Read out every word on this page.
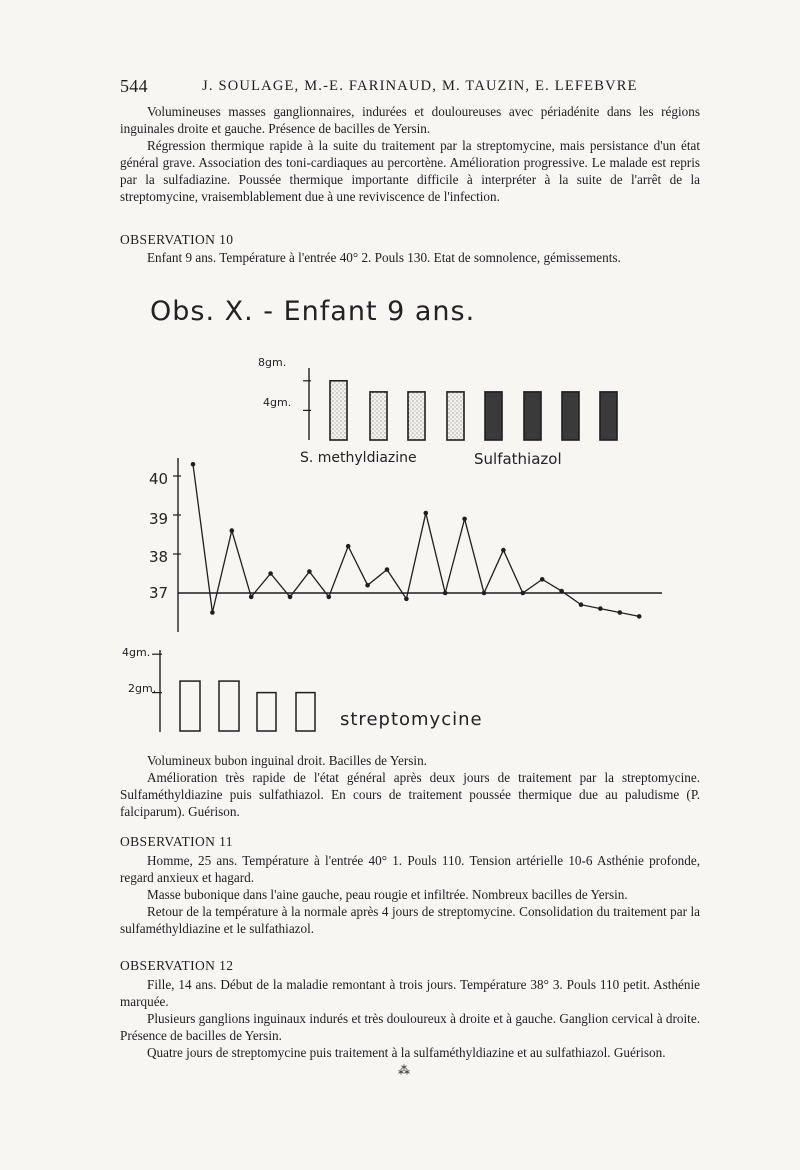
544	J. SOULAGE, M.-E. FARINAUD, M. TAUZIN, E. LEFEBVRE

Volumineuses masses ganglionnaires, indurées et douloureuses avec périadénite dans les régions inguinales droite et gauche. Présence de bacilles de Yersin.

Régression thermique rapide à la suite du traitement par la streptomycine, mais persistance d'un état général grave. Association des toni-cardiaques au percortène. Amélioration progressive. Le malade est repris par la sulfadiazine. Poussée thermique importante difficile à interpréter à la suite de l'arrêt de la streptomycine, vraisemblablement due à une reviviscence de l'infection.

OBSERVATION 10

Enfant 9 ans. Température à l'entrée 40° 2. Pouls 130. Etat de somnolence, gémissements.

Obs. X. - Enfant 9 ans.
8gm.
4gm.
S. methyldiazine	Sulfathiazol
40
39
38
37
4gm.
2gm.
streptomycine

Volumineux bubon inguinal droit. Bacilles de Yersin.

Amélioration très rapide de l'état général après deux jours de traitement par la streptomycine. Sulfaméthyldiazine puis sulfathiazol. En cours de traitement poussée thermique due au paludisme (P. falciparum). Guérison.

OBSERVATION 11

Homme, 25 ans. Température à l'entrée 40° 1. Pouls 110. Tension artérielle 10-6 Asthénie profonde, regard anxieux et hagard.

Masse bubonique dans l'aine gauche, peau rougie et infiltrée. Nombreux bacilles de Yersin.

Retour de la température à la normale après 4 jours de streptomycine. Consolidation du traitement par la sulfaméthyldiazine et le sulfathiazol.

OBSERVATION 12

Fille, 14 ans. Début de la maladie remontant à trois jours. Température 38° 3. Pouls 110 petit. Asthénie marquée.

Plusieurs ganglions inguinaux indurés et très douloureux à droite et à gauche. Ganglion cervical à droite. Présence de bacilles de Yersin.

Quatre jours de streptomycine puis traitement à la sulfaméthyldiazine et au sulfathiazol. Guérison.

⁂
